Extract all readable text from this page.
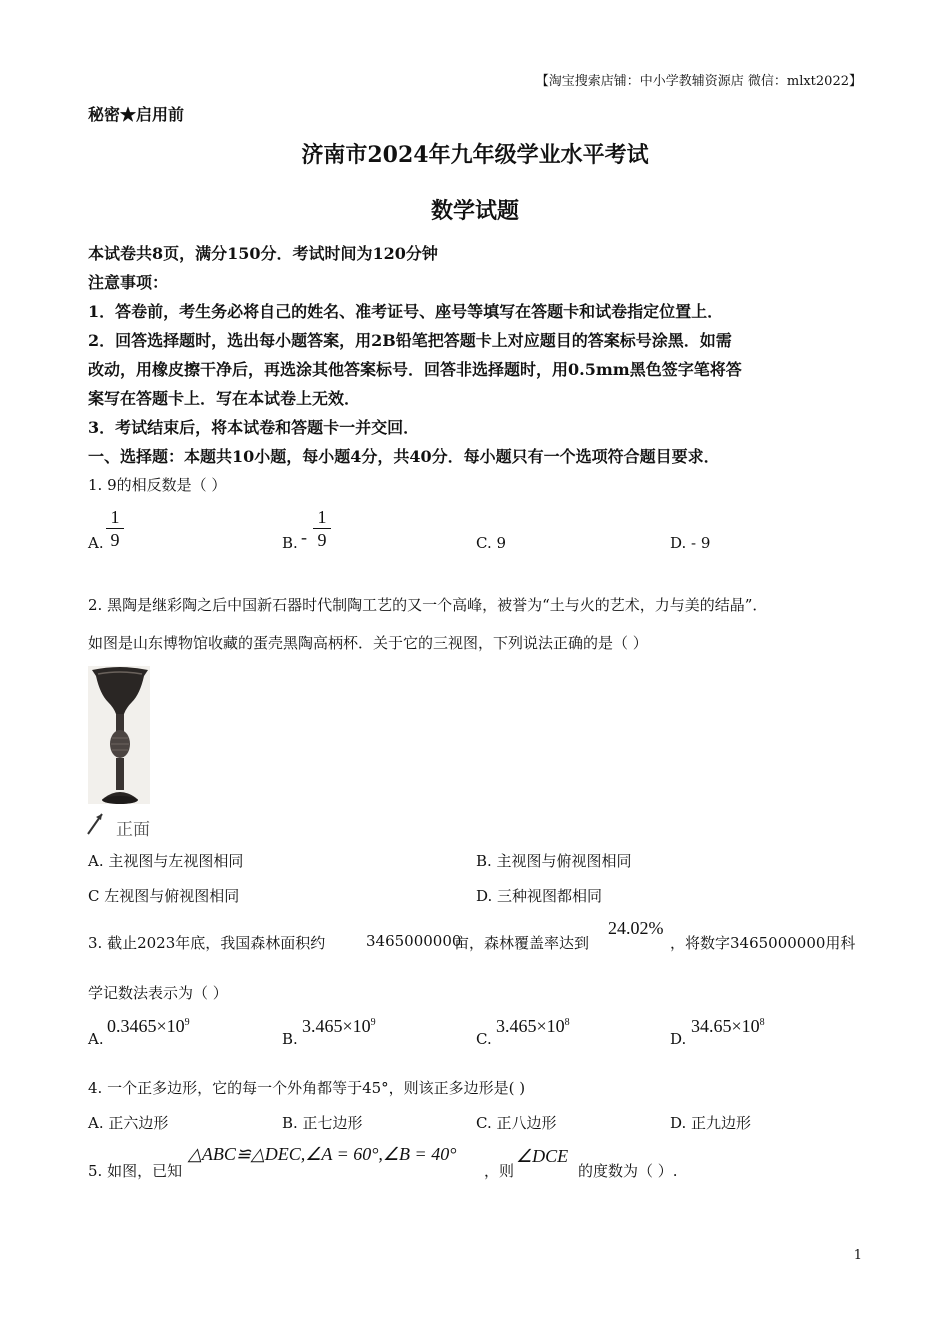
【淘宝搜索店铺：中小学教辅资源店 微信：mlxt2022】
秘密★启用前
济南市2024年九年级学业水平考试
数学试题
本试卷共8页，满分150分．考试时间为120分钟
注意事项：
1．答卷前，考生务必将自己的姓名、准考证号、座号等填写在答题卡和试卷指定位置上．
2．回答选择题时，选出每小题答案，用2B铅笔把答题卡上对应题目的答案标号涂黑．如需
改动，用橡皮擦干净后，再选涂其他答案标号．回答非选择题时，用0.5mm黑色签字笔将答
案写在答题卡上．写在本试卷上无效．
3．考试结束后，将本试卷和答题卡一并交回．
一、选择题：本题共10小题，每小题4分，共40分．每小题只有一个选项符合题目要求．
1. 9的相反数是（ ）
A.
1
9	B. -
1
9	C. 9	D. - 9
2. 黑陶是继彩陶之后中国新石器时代制陶工艺的又一个高峰，被誉为“土与火的艺术，力与美的结晶”．
如图是山东博物馆收藏的蛋壳黑陶高柄杯．关于它的三视图，下列说法正确的是（ ）
正面
A. 主视图与左视图相同	B. 主视图与俯视图相同
C 左视图与俯视图相同	D. 三种视图都相同
3. 截止2023年底，我国森林面积约	3465000000
亩，森林覆盖率达到
24.02%
，将数字3465000000用科
学记数法表示为（ ）
A.
$0.3465\times 10^9$
B.
$3.465\times 10^9$
C.
$3.465\times 10^8$
D.
$34.65\times 10^8$
4. 一个正多边形，它的每一个外角都等于45°，则该正多边形是( )
A. 正六边形	B. 正七边形	C. 正八边形	D. 正九边形
5. 如图，已知
△ABC≌△DEC,∠A = 60°,∠B = 40°
，则
∠DCE
的度数为（ ）.
1
